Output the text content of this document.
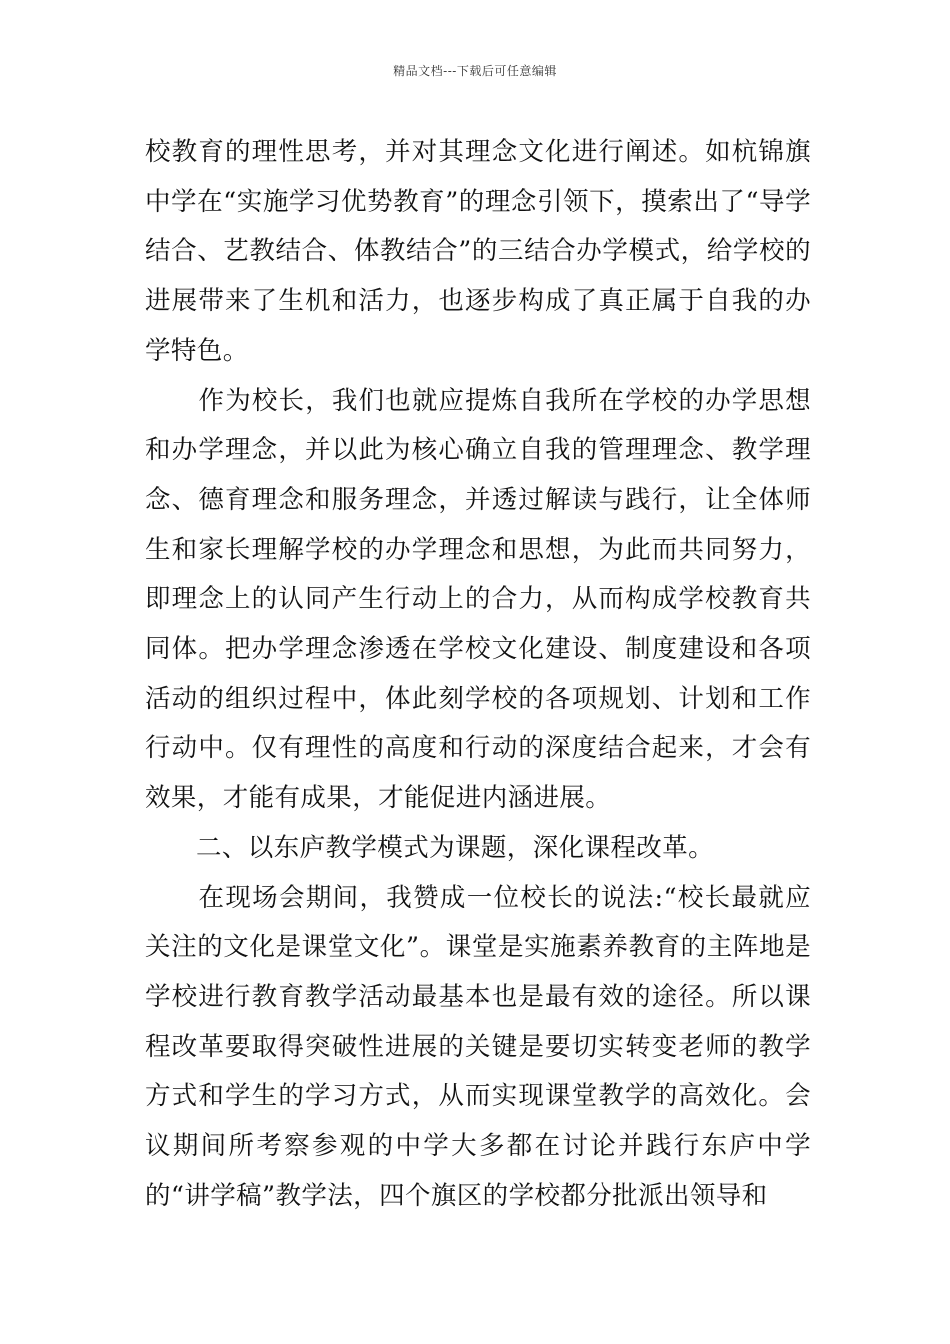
精品文档---下载后可任意编辑

校教育的理性思考，并对其理念文化进行阐述。如杭锦旗中学在“实施学习优势教育”的理念引领下，摸索出了“导学结合、艺教结合、体教结合”的三结合办学模式，给学校的进展带来了生机和活力，也逐步构成了真正属于自我的办学特色。

作为校长，我们也就应提炼自我所在学校的办学思想和办学理念，并以此为核心确立自我的管理理念、教学理念、德育理念和服务理念，并透过解读与践行，让全体师生和家长理解学校的办学理念和思想，为此而共同努力，即理念上的认同产生行动上的合力，从而构成学校教育共同体。把办学理念渗透在学校文化建设、制度建设和各项活动的组织过程中，体此刻学校的各项规划、计划和工作行动中。仅有理性的高度和行动的深度结合起来，才会有效果，才能有成果，才能促进内涵进展。

二、以东庐教学模式为课题，深化课程改革。

在现场会期间，我赞成一位校长的说法:“校长最就应关注的文化是课堂文化”。课堂是实施素养教育的主阵地是学校进行教育教学活动最基本也是最有效的途径。所以课程改革要取得突破性进展的关键是要切实转变老师的教学方式和学生的学习方式，从而实现课堂教学的高效化。会议期间所考察参观的中学大多都在讨论并践行东庐中学的“讲学稿”教学法，四个旗区的学校都分批派出领导和
